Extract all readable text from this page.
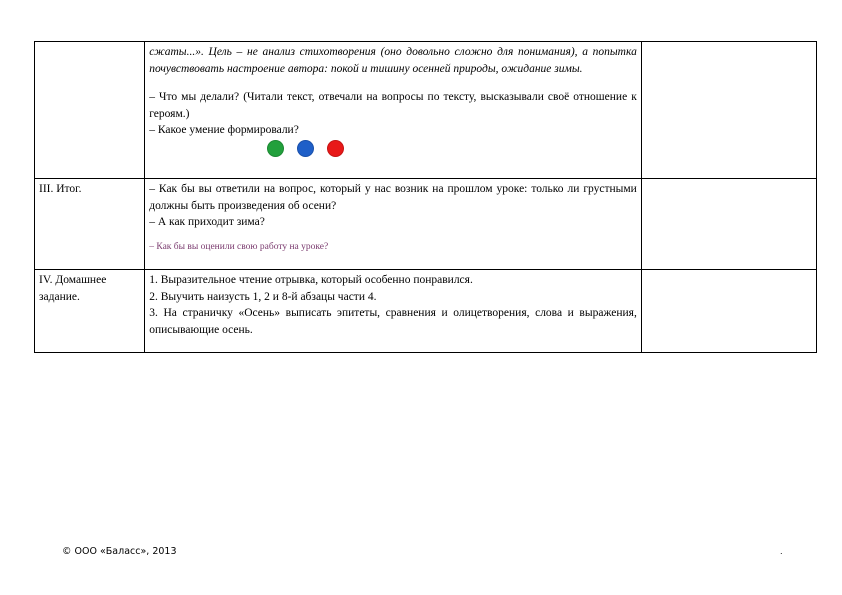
	сжаты...». Цель – не анализ стихотворения (оно довольно сложно для понимания), а попытка почувствовать настроение автора: покой и тишину осенней природы, ожидание зимы.

– Что мы делали? (Читали текст, отвечали на вопросы по тексту, высказывали своё отношение к героям.)

– Какое умение формировали?	

III. Итог.	– Как бы вы ответили на вопрос, который у нас возник на прошлом уроке: только ли грустными должны быть произведения об осени?

– А как приходит зима?

– Как бы вы оценили свою работу на уроке?	

IV. Домашнее задание.	1. Выразительное чтение отрывка, который особенно понравился.

2. Выучить наизусть 1, 2 и 8-й абзацы части 4.

3. На страничку «Осень» выписать эпитеты, сравнения и олицетворения, слова и выражения, описывающие осень.	

© ООО «Баласс», 2013	.
